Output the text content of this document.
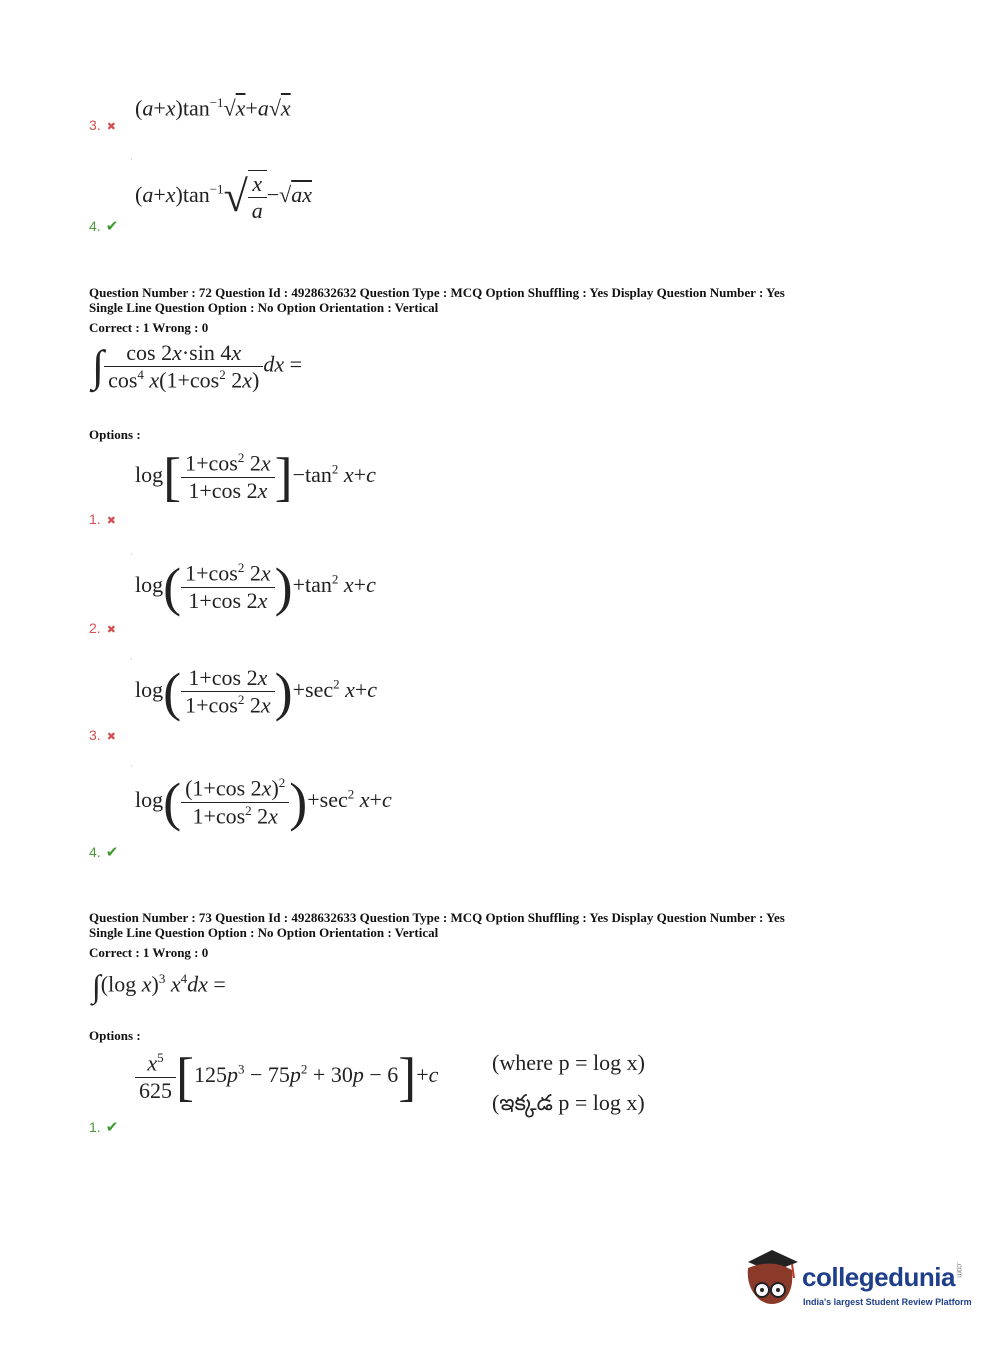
$(a+x)\tan^{-1}√x+a√x$
3. ✖
·
$(a+x)\tan^{-1}√ \frac{x}{a} -√ax$
4. ✔
Question Number : 72 Question Id : 4928632632 Question Type : MCQ Option Shuffling : Yes Display Question Number : Yes
Single Line Question Option : No Option Orientation : Vertical
Correct : 1 Wrong : 0
∫ $\frac{\cos 2x\cdot\sin 4x}{\cos^4 x(1+\cos^2 2x)}$ dx =
Options :
$\log[ \frac{1+\cos^2 2x}{1+\cos 2x} ]-\tan^2$ x+c
1. ✖
·
$\log( \frac{1+\cos^2 2x}{1+\cos 2x} )+\tan^2$ x+c
2. ✖
·
$\log( \frac{1+\cos 2x}{1+\cos^2 2x} )+\sec^2$ x+c
3. ✖
·
$\log( \frac{(1+\cos 2x)^2}{1+\cos^2 2x} )+\sec^2$ x+c
4. ✔
Question Number : 73 Question Id : 4928632633 Question Type : MCQ Option Shuffling : Yes Display Question Number : Yes
Single Line Question Option : No Option Orientation : Vertical
Correct : 1 Wrong : 0
∫(log x)$^3$ $x^4dx$ =
Options :
$\frac{x^5}{625} [125p^3 - 75p^2 + 30p - 6]+c$ (where p = log x)
(ఇక్కడ p = log x)
1. ✔
collegedunia.com
India's largest Student Review Platform
